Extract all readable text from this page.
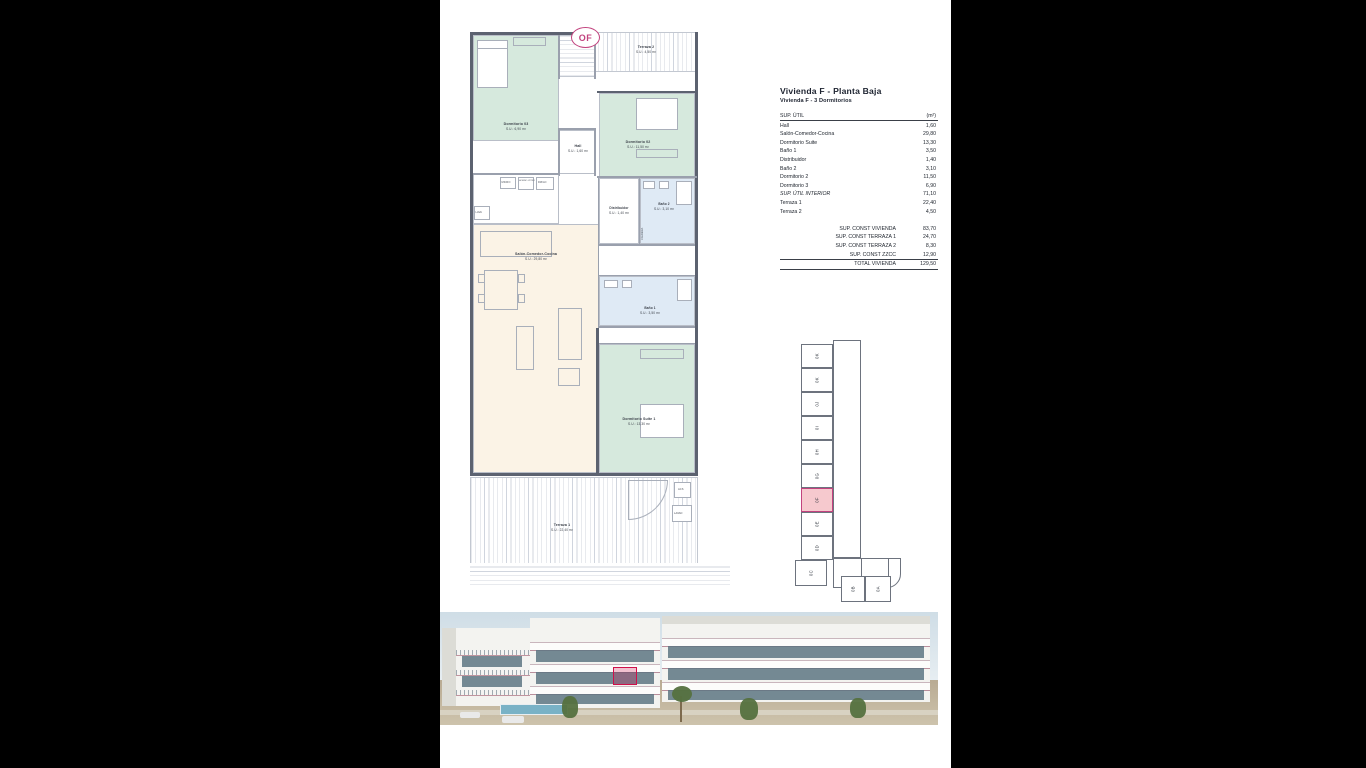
Terraza 2
S.U.: 4,50 m²
Dormitorio 03
S.U.: 6,90 m²
Hall
S.U.: 1,60 m²
Dormitorio 02
S.U.: 11,50 m²
MICRO	FRIGO
HORNO VITRO
LAVA
Salón-Comedor-Cocina
S.U.: 29,80 m²
Distribuidor
S.U.: 1,40 m²
Baño 2
S.U.: 3,10 m²
CALDERA
Baño 1
S.U.: 3,50 m²
Dormitorio Suite 1
S.U.: 13,30 m²
Terraza 1
S.U.: 22,40 m²
ACS
LAVAD
OF
Vivienda F - Planta Baja
Vivienda F - 3 Dormitorios
SUP. ÚTIL	(m²)
Hall	1,60
Salón-Comedor-Cocina	29,80
Dormitorio Suite	13,30
Baño 1	3,50
Distribuidor	1,40
Baño 2	3,10
Dormitorio 2	11,50
Dormitorio 3	6,90
SUP. ÚTIL INTERIOR	71,10
Terraza 1	22,40
Terraza 2	4,50

SUP. CONST VIVIENDA	83,70
SUP. CONST TERRAZA 1	24,70
SUP. CONST TERRAZA 2	8,30
SUP. CONST ZZCC	12,90
TOTAL VIVIENDA	129,50
0K
0K
0J
0I
0H
0G
0F
0E
0D
0C
0B	0A
